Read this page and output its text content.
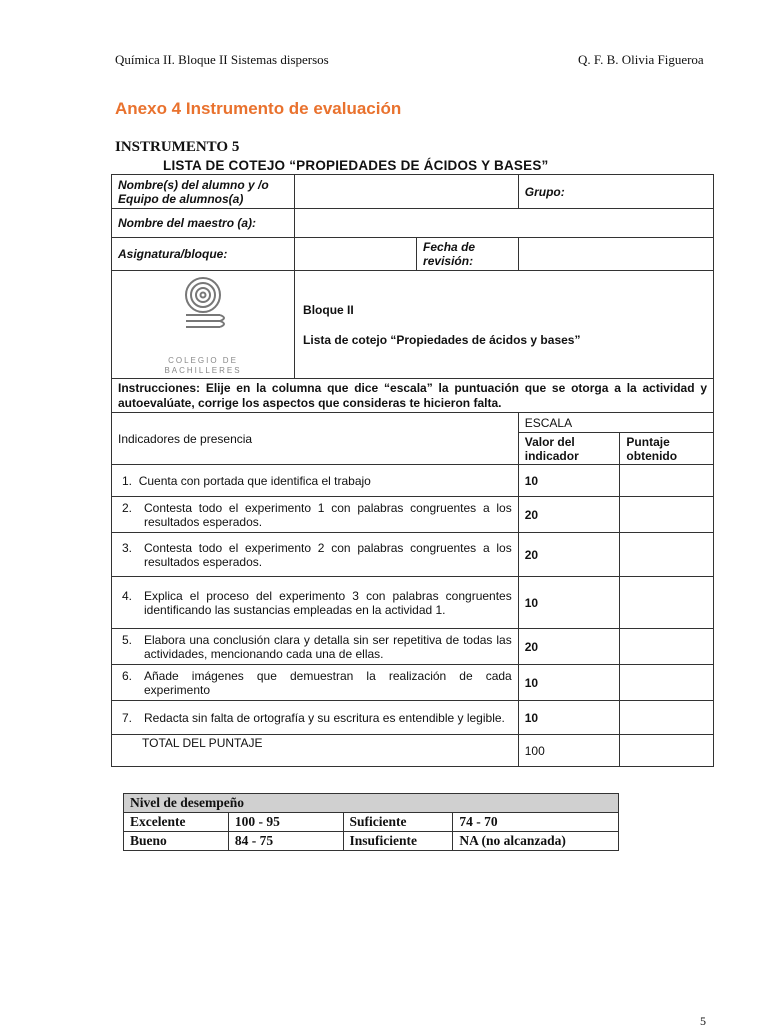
Química II. Bloque II Sistemas dispersos	Q. F. B. Olivia Figueroa
Anexo 4 Instrumento de evaluación
INSTRUMENTO 5
LISTA DE COTEJO “PROPIEDADES DE ÁCIDOS Y BASES”
Nombre(s) del alumno y /o Equipo de alumnos(a)			Grupo:	
Nombre del maestro (a):				
Asignatura/bloque:		Fecha de revisión:		

COLEGIO DE BACHILLERES	Bloque II
Lista de cotejo “Propiedades de ácidos y bases”			

Instrucciones: Elije en la columna que dice “escala” la puntuación que se otorga a la actividad y autoevalúate, corrige los aspectos que consideras te hicieron falta.				
Indicadores de presencia			ESCALA	
			Valor del indicador	Puntaje obtenido
1. Cuenta con portada que identifica el trabajo			10	

2. Contesta todo el experimento 1 con palabras congruentes a los resultados esperados.			20	

3. Contesta todo el experimento 2 con palabras congruentes a los resultados esperados.			20	

4. Explica el proceso del experimento 3 con palabras congruentes identificando las sustancias empleadas en la actividad 1.			10	

5. Elabora una conclusión clara y detalla sin ser repetitiva de todas las actividades, mencionando cada una de ellas.			20	

6. Añade imágenes que demuestran la realización de cada experimento			10	

7. Redacta sin falta de ortografía y su escritura es entendible y legible.			10	
TOTAL DEL PUNTAJE			100	
Nivel de desempeño			
Excelente	100 - 95	Suficiente	74 - 70
Bueno	84 - 75	Insuficiente	NA (no alcanzada)
5
